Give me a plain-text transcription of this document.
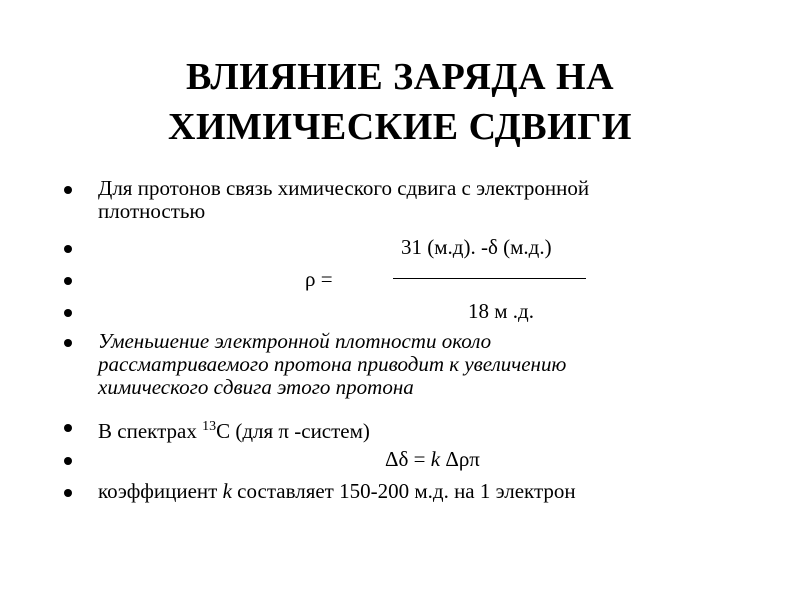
ВЛИЯНИЕ ЗАРЯДА НА
ХИМИЧЕСКИЕ СДВИГИ
Для протонов связь химического сдвига с электронной
плотностью
31 (м.д). -δ (м.д.)
ρ =
18 м .д.
Уменьшение электронной плотности около
рассматриваемого протона приводит к увеличению
химического сдвига этого протона
В спектрах $^{13}$С (для π -систем)
Δδ = k Δρπ
коэффициент k составляет 150-200 м.д. на 1 электрон
